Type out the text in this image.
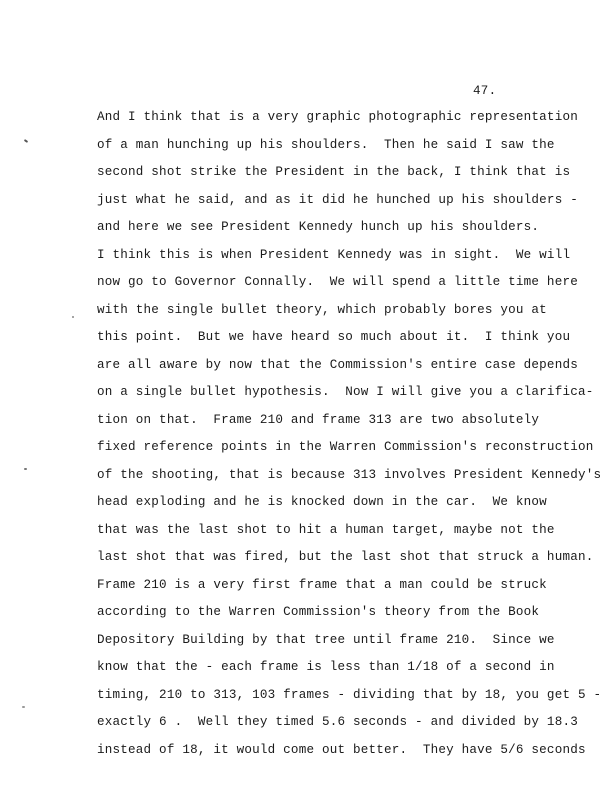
47.
And I think that is a very graphic photographic representation
of a man hunching up his shoulders.  Then he said I saw the
second shot strike the President in the back, I think that is
just what he said, and as it did he hunched up his shoulders -
and here we see President Kennedy hunch up his shoulders.
I think this is when President Kennedy was in sight.  We will
now go to Governor Connally.  We will spend a little time here
with the single bullet theory, which probably bores you at
this point.  But we have heard so much about it.  I think you
are all aware by now that the Commission's entire case depends
on a single bullet hypothesis.  Now I will give you a clarifica-
tion on that.  Frame 210 and frame 313 are two absolutely
fixed reference points in the Warren Commission's reconstruction
of the shooting, that is because 313 involves President Kennedy's
head exploding and he is knocked down in the car.  We know
that was the last shot to hit a human target, maybe not the
last shot that was fired, but the last shot that struck a human.
Frame 210 is a very first frame that a man could be struck
according to the Warren Commission's theory from the Book
Depository Building by that tree until frame 210.  Since we
know that the - each frame is less than 1/18 of a second in
timing, 210 to 313, 103 frames - dividing that by 18, you get 5 -
exactly 6 .  Well they timed 5.6 seconds - and divided by 18.3
instead of 18, it would come out better.  They have 5/6 seconds
